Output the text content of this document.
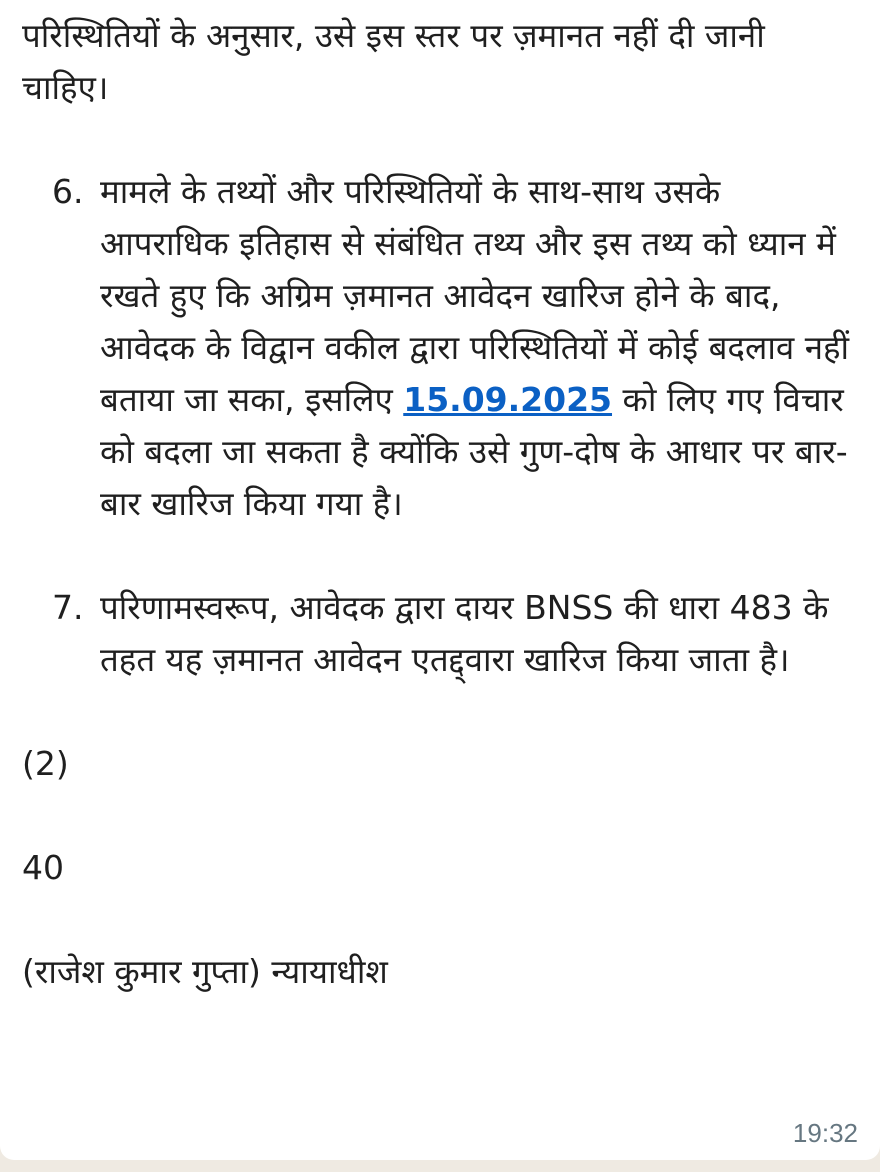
परिस्थितियों के अनुसार, उसे इस स्तर पर ज़मानत नहीं दी जानी चाहिए।

6. मामले के तथ्यों और परिस्थितियों के साथ-साथ उसके आपराधिक इतिहास से संबंधित तथ्य और इस तथ्य को ध्यान में रखते हुए कि अग्रिम ज़मानत आवेदन खारिज होने के बाद, आवेदक के विद्वान वकील द्वारा परिस्थितियों में कोई बदलाव नहीं बताया जा सका, इसलिए 15.09.2025 को लिए गए विचार को बदला जा सकता है क्योंकि उसे गुण-दोष के आधार पर बार-बार खारिज किया गया है।
7. परिणामस्वरूप, आवेदक द्वारा दायर BNSS की धारा 483 के तहत यह ज़मानत आवेदन एतद्द्वारा खारिज किया जाता है।

(2)

40

(राजेश कुमार गुप्ता) न्यायाधीश

19:32
